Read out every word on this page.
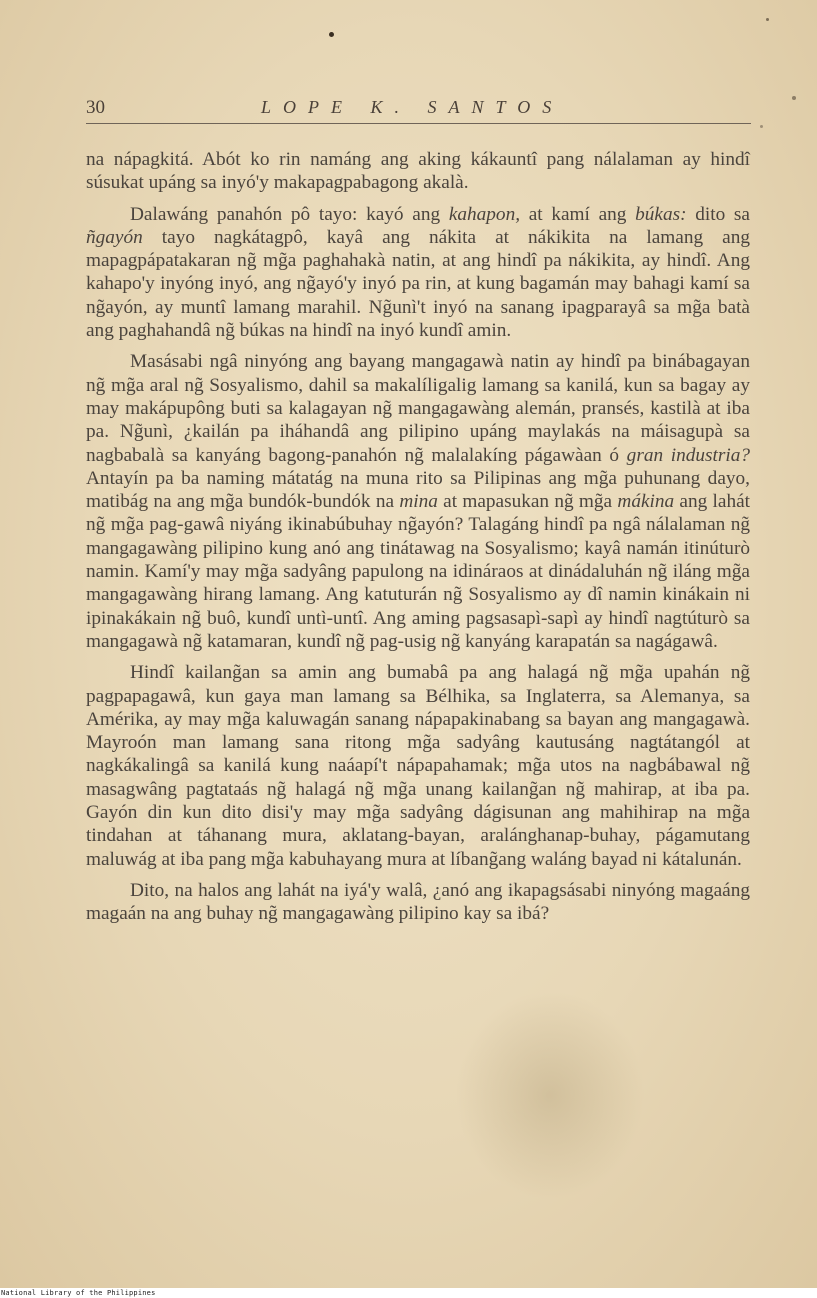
30	LOPE K. SANTOS

na nápagkitá. Abót ko rin namáng ang aking kákauntî pang nálalaman ay hindî súsukat upáng sa inyó'y makapagpabagong akalà.

Dalawáng panahón pô tayo: kayó ang kahapon, at kamí ang búkas: dito sa ñgayón tayo nagkátagpô, kayâ ang nákita at nákikita na lamang ang mapagpápatakaran ng̃ mg̃a paghahakà natin, at ang hindî pa nákikita, ay hindî. Ang kahapo'y inyóng inyó, ang ng̃ayó'y inyó pa rin, at kung bagamán may bahagi kamí sa ng̃ayón, ay muntî lamang marahil. Ng̃unì't inyó na sanang ipagparayâ sa mg̃a batà ang paghahandâ ng̃ búkas na hindî na inyó kundî amin.

Masásabi ngâ ninyóng ang bayang mangagawà natin ay hindî pa binábagayan ng̃ mg̃a aral ng̃ Sosyalismo, dahil sa makalíligalig lamang sa kanilá, kun sa bagay ay may makápupông buti sa kalagayan ng̃ mangagawàng alemán, pransés, kastilà at iba pa. Ng̃unì, ¿kailán pa iháhandâ ang pilipino upáng maylakás na máisagupà sa nagbabalà sa kanyáng bagong-panahón ng̃ malalakíng págawàan ó gran industria? Antayín pa ba naming mátatág na muna rito sa Pilipinas ang mg̃a puhunang dayo, matibág na ang mg̃a bundók-bundók na mina at mapasukan ng̃ mg̃a mákina ang lahát ng̃ mg̃a pag-gawâ niyáng ikinabúbuhay ng̃ayón? Talagáng hindî pa ngâ nálalaman ng̃ mangagawàng pilipino kung anó ang tinátawag na Sosyalismo; kayâ namán itinúturò namin. Kamí'y may mg̃a sadyâng papulong na idináraos at dinádaluhán ng̃ iláng mg̃a mangagawàng hirang lamang. Ang katuturán ng̃ Sosyalismo ay dî namin kinákain ni ipinakákain ng̃ buô, kundî untì-untî. Ang aming pagsasapì-sapì ay hindî nagtúturò sa mangagawà ng̃ katamaran, kundî ng̃ pag-usig ng̃ kanyáng karapatán sa nagágawâ.

Hindî kailang̃an sa amin ang bumabâ pa ang halagá ng̃ mg̃a upahán ng̃ pagpapagawâ, kun gaya man lamang sa Bélhika, sa Inglaterra, sa Alemanya, sa Amérika, ay may mg̃a kaluwagán sanang nápapakinabang sa bayan ang mangagawà. Mayroón man lamang sana ritong mg̃a sadyâng kautusáng nagtátangól at nagkákalingâ sa kanilá kung naáapí't nápapahamak; mg̃a utos na nagbábawal ng̃ masagwâng pagtataás ng̃ halagá ng̃ mg̃a unang kailang̃an ng̃ mahirap, at iba pa. Gayón din kun dito disi'y may mg̃a sadyâng dágisunan ang mahihirap na mg̃a tindahan at táhanang mura, aklatang-bayan, aralánghanap-buhay, págamutang maluwág at iba pang mg̃a kabuhayang mura at líbang̃ang waláng bayad ni kátalunán.

Dito, na halos ang lahát na iyá'y walâ, ¿anó ang ikapagsásabi ninyóng magaáng magaán na ang buhay ng̃ mangagawàng pilipino kay sa ibá?

National Library of the Philippines
